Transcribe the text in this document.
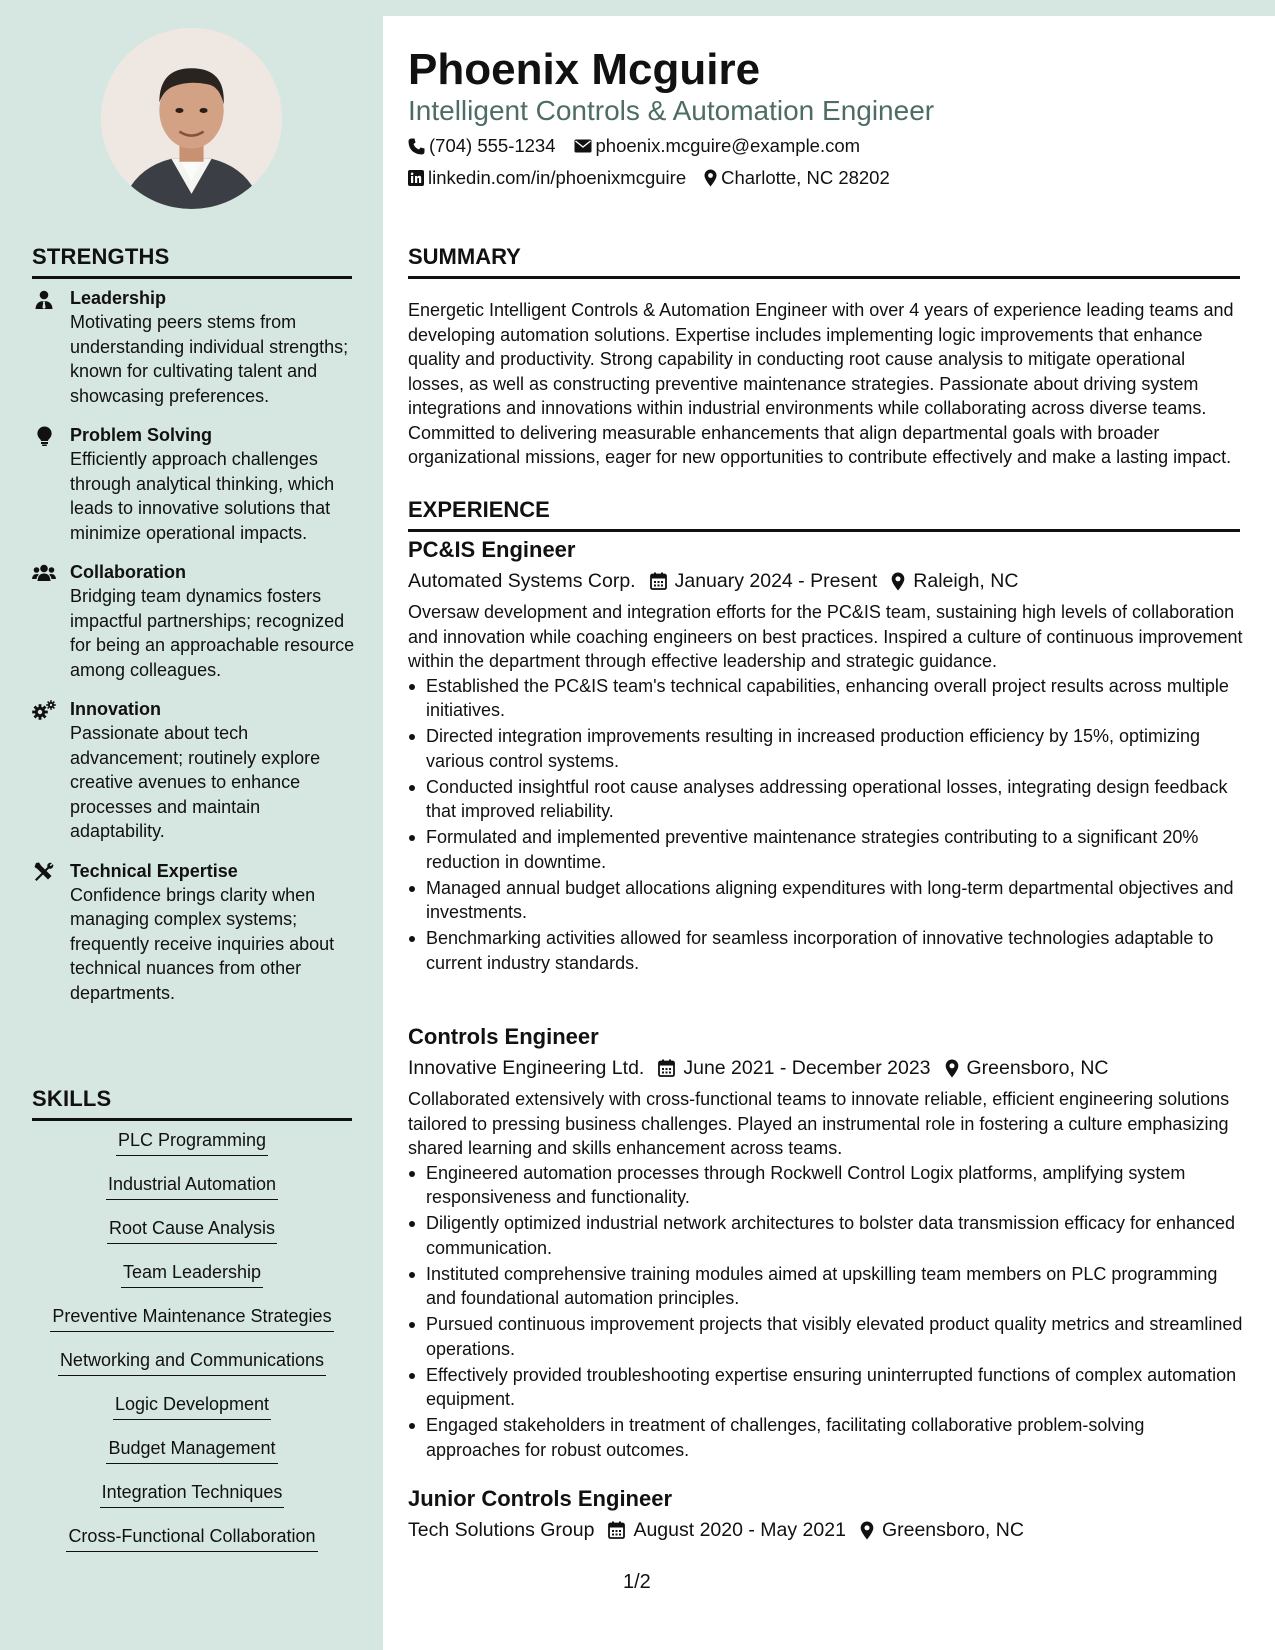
STRENGTHS
Leadership
Motivating peers stems from understanding individual strengths; known for cultivating talent and showcasing preferences.
Problem Solving
Efficiently approach challenges through analytical thinking, which leads to innovative solutions that minimize operational impacts.
Collaboration
Bridging team dynamics fosters impactful partnerships; recognized for being an approachable resource among colleagues.
Innovation
Passionate about tech advancement; routinely explore creative avenues to enhance processes and maintain adaptability.
Technical Expertise
Confidence brings clarity when managing complex systems; frequently receive inquiries about technical nuances from other departments.
SKILLS
PLC Programming
Industrial Automation
Root Cause Analysis
Team Leadership
Preventive Maintenance Strategies
Networking and Communications
Logic Development
Budget Management
Integration Techniques
Cross-Functional Collaboration
Phoenix Mcguire
Intelligent Controls & Automation Engineer
(704) 555-1234 phoenix.mcguire@example.com
linkedin.com/in/phoenixmcguire Charlotte, NC 28202
SUMMARY
Energetic Intelligent Controls & Automation Engineer with over 4 years of experience leading teams and developing automation solutions. Expertise includes implementing logic improvements that enhance quality and productivity. Strong capability in conducting root cause analysis to mitigate operational losses, as well as constructing preventive maintenance strategies. Passionate about driving system integrations and innovations within industrial environments while collaborating across diverse teams. Committed to delivering measurable enhancements that align departmental goals with broader organizational missions, eager for new opportunities to contribute effectively and make a lasting impact.
EXPERIENCE
PC&IS Engineer
Automated Systems Corp. January 2024 - Present Raleigh, NC
Oversaw development and integration efforts for the PC&IS team, sustaining high levels of collaboration and innovation while coaching engineers on best practices. Inspired a culture of continuous improvement within the department through effective leadership and strategic guidance.
Established the PC&IS team's technical capabilities, enhancing overall project results across multiple initiatives.
Directed integration improvements resulting in increased production efficiency by 15%, optimizing various control systems.
Conducted insightful root cause analyses addressing operational losses, integrating design feedback that improved reliability.
Formulated and implemented preventive maintenance strategies contributing to a significant 20% reduction in downtime.
Managed annual budget allocations aligning expenditures with long-term departmental objectives and investments.
Benchmarking activities allowed for seamless incorporation of innovative technologies adaptable to current industry standards.
Controls Engineer
Innovative Engineering Ltd. June 2021 - December 2023 Greensboro, NC
Collaborated extensively with cross-functional teams to innovate reliable, efficient engineering solutions tailored to pressing business challenges. Played an instrumental role in fostering a culture emphasizing shared learning and skills enhancement across teams.
Engineered automation processes through Rockwell Control Logix platforms, amplifying system responsiveness and functionality.
Diligently optimized industrial network architectures to bolster data transmission efficacy for enhanced communication.
Instituted comprehensive training modules aimed at upskilling team members on PLC programming and foundational automation principles.
Pursued continuous improvement projects that visibly elevated product quality metrics and streamlined operations.
Effectively provided troubleshooting expertise ensuring uninterrupted functions of complex automation equipment.
Engaged stakeholders in treatment of challenges, facilitating collaborative problem-solving approaches for robust outcomes.
Junior Controls Engineer
Tech Solutions Group August 2020 - May 2021 Greensboro, NC
1/2
